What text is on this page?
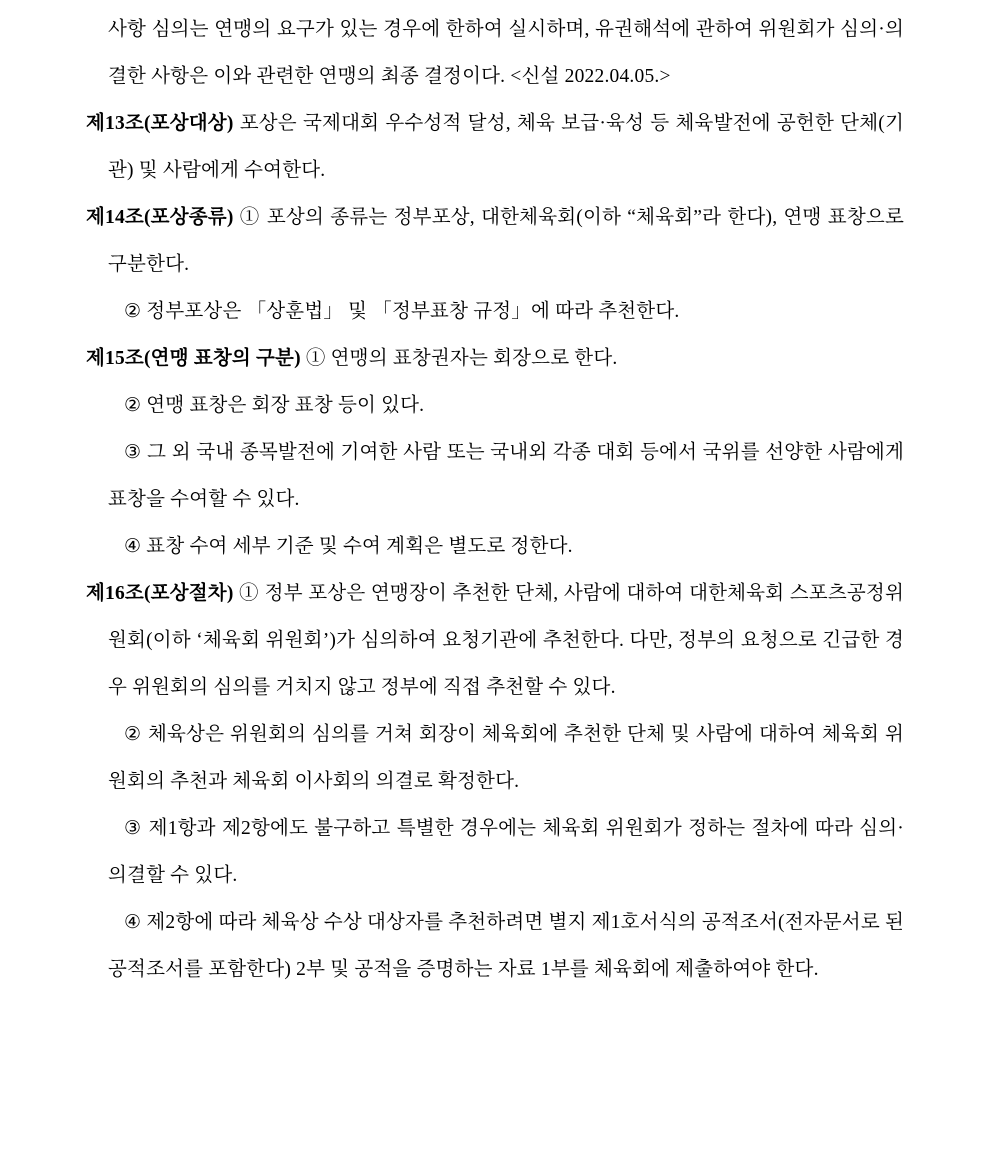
사항 심의는 연맹의 요구가 있는 경우에 한하여 실시하며, 유권해석에 관하여 위원회가 심의·의결한 사항은 이와 관련한 연맹의 최종 결정이다. <신설 2022.04.05.>

제13조(포상대상) 포상은 국제대회 우수성적 달성, 체육 보급·육성 등 체육발전에 공헌한 단체(기관) 및 사람에게 수여한다.

제14조(포상종류) ① 포상의 종류는 정부포상, 대한체육회(이하 “체육회”라 한다), 연맹 표창으로 구분한다.

② 정부포상은 「상훈법」 및 「정부표창 규정」에 따라 추천한다.

제15조(연맹 표창의 구분) ① 연맹의 표창권자는 회장으로 한다.

② 연맹 표창은 회장 표창 등이 있다.

③ 그 외 국내 종목발전에 기여한 사람 또는 국내외 각종 대회 등에서 국위를 선양한 사람에게 표창을 수여할 수 있다.

④ 표창 수여 세부 기준 및 수여 계획은 별도로 정한다.

제16조(포상절차) ① 정부 포상은 연맹장이 추천한 단체, 사람에 대하여 대한체육회 스포츠공정위원회(이하 ‘체육회 위원회’)가 심의하여 요청기관에 추천한다. 다만, 정부의 요청으로 긴급한 경우 위원회의 심의를 거치지 않고 정부에 직접 추천할 수 있다.

② 체육상은 위원회의 심의를 거쳐 회장이 체육회에 추천한 단체 및 사람에 대하여 체육회 위원회의 추천과 체육회 이사회의 의결로 확정한다.

③ 제1항과 제2항에도 불구하고 특별한 경우에는 체육회 위원회가 정하는 절차에 따라 심의·의결할 수 있다.

④ 제2항에 따라 체육상 수상 대상자를 추천하려면 별지 제1호서식의 공적조서(전자문서로 된 공적조서를 포함한다) 2부 및 공적을 증명하는 자료 1부를 체육회에 제출하여야 한다.
